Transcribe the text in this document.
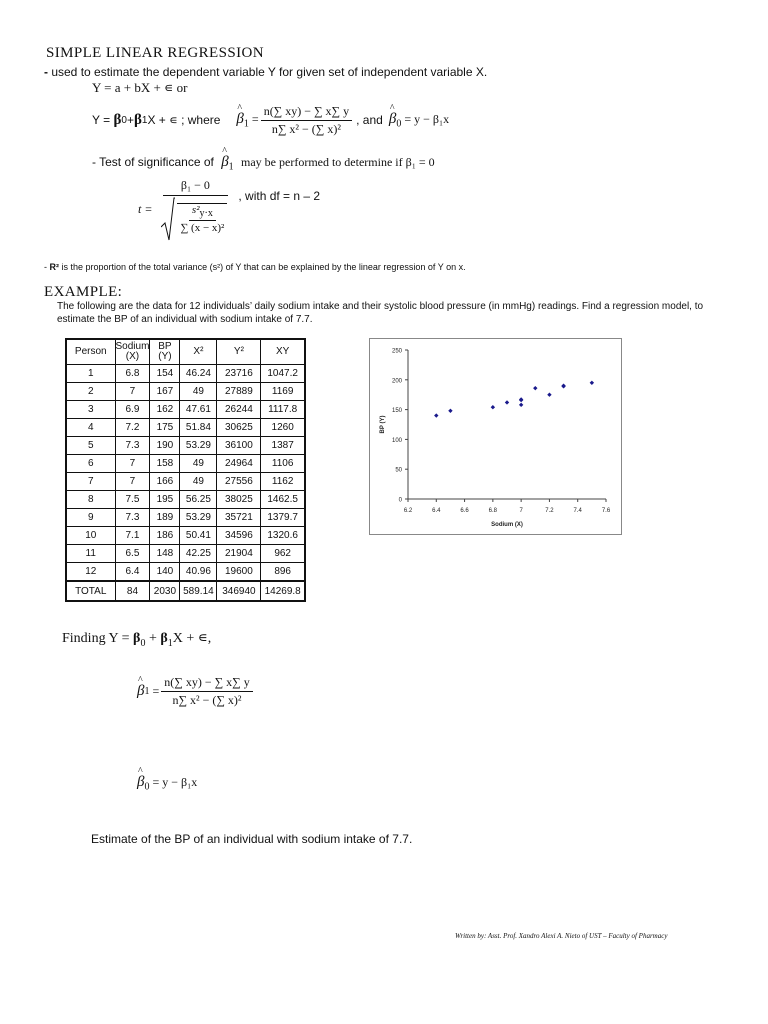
SIMPLE LINEAR REGRESSION
- used to estimate the dependent variable Y for given set of independent variable X.
Y = a + bX + ∊ or
Y =
β 0 + β 1 X + ∊ ; where ^ $\beta_1 = \frac{n(\sum xy) - \sum x\sum y}{\text{n∑ x² − (∑ x)²}}$ , and ^ $\beta_0 = y - \beta_1x$
- Test of significance of ^ $\beta_1$ may be performed to determine if β₁ = 0
$t = \frac{\text{β₁ − 0}}{\frac{s^2_{y\cdot x}}{\text{∑ (x − x)²}}}$ , with df = n – 2
- R² is the proportion of the total variance (s²) of Y that can be explained by the linear regression of Y on x.
EXAMPLE:
The following are the data for 12 individuals’ daily sodium intake and their systolic blood pressure (in mmHg) readings. Find a regression model, to
estimate the BP of an individual with sodium intake of 7.7.
Person	Sodium (X)	BP (Y)	X²	Y²	XY
1	6.8	154	46.24	23716	1047.2
2	7	167	49	27889	1169
3	6.9	162	47.61	26244	1117.8
4	7.2	175	51.84	30625	1260
5	7.3	190	53.29	36100	1387
6	7	158	49	24964	1106
7	7	166	49	27556	1162
8	7.5	195	56.25	38025	1462.5
9	7.3	189	53.29	35721	1379.7
10	7.1	186	50.41	34596	1320.6
11	6.5	148	42.25	21904	962
12	6.4	140	40.96	19600	896
TOTAL	84	2030	589.14	346940	14269.8
0
50
100
150
200
250
6.2	6.4	6.6	6.8	7	7.2	7.4	7.6
Sodium (X)
BP (Y)
Finding $Y = \beta_0 + \beta_1X$ + ∊,
^ β $1 = \frac{n(\sum xy) - \sum x\sum y}{\text{n∑ x² − (∑ x)²}}$
^ $\beta_0 = y - \beta_1x$
Estimate of the BP of an individual with sodium intake of 7.7.
Written by: Asst. Prof. Xandro Alexi A. Nieto of UST – Faculty of Pharmacy
